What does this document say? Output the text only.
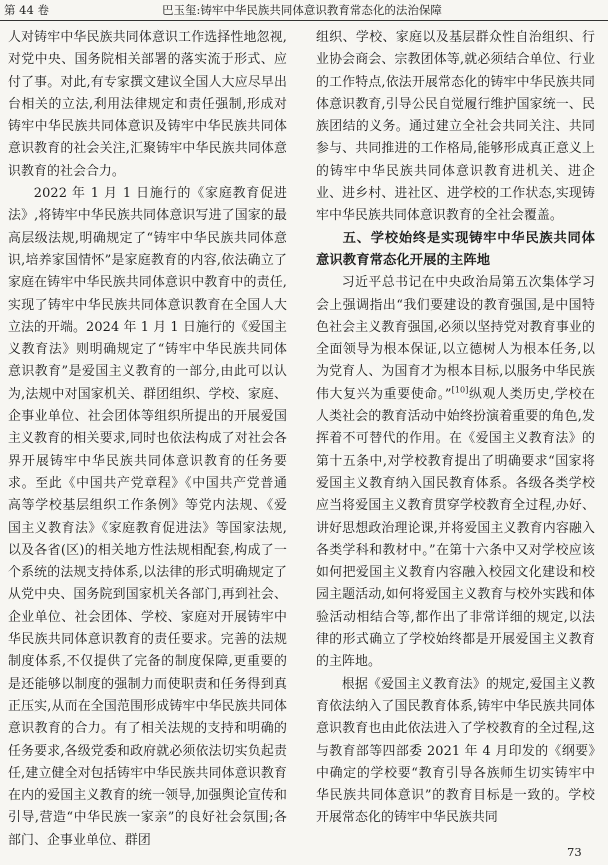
第 44 卷	巴玉玺:铸牢中华民族共同体意识教育常态化的法治保障

人对铸牢中华民族共同体意识工作选择性地忽视,对党中央、国务院相关部署的落实流于形式、应付了事。对此,有专家撰文建议全国人大应尽早出台相关的立法,利用法律规定和责任强制,形成对铸牢中华民族共同体意识及铸牢中华民族共同体意识教育的社会关注,汇聚铸牢中华民族共同体意识教育的社会合力。

2022 年 1 月 1 日施行的《家庭教育促进法》,将铸牢中华民族共同体意识写进了国家的最高层级法规,明确规定了“铸牢中华民族共同体意识,培养家国情怀”是家庭教育的内容,依法确立了家庭在铸牢中华民族共同体意识中教育中的责任,实现了铸牢中华民族共同体意识教育在全国人大立法的开端。2024 年 1 月 1 日施行的《爱国主义教育法》则明确规定了“铸牢中华民族共同体意识教育”是爱国主义教育的一部分,由此可以认为,法规中对国家机关、群团组织、学校、家庭、企事业单位、社会团体等组织所提出的开展爱国主义教育的相关要求,同时也依法构成了对社会各界开展铸牢中华民族共同体意识教育的任务要求。至此《中国共产党章程》《中国共产党普通高等学校基层组织工作条例》等党内法规、《爱国主义教育法》《家庭教育促进法》等国家法规,以及各省(区)的相关地方性法规相配套,构成了一个系统的法规支持体系,以法律的形式明确规定了从党中央、国务院到国家机关各部门,再到社会、企业单位、社会团体、学校、家庭对开展铸牢中华民族共同体意识教育的责任要求。完善的法规制度体系,不仅提供了完备的制度保障,更重要的是还能够以制度的强制力而使职责和任务得到真正压实,从而在全国范围形成铸牢中华民族共同体意识教育的合力。有了相关法规的支持和明确的任务要求,各级党委和政府就必须依法切实负起责任,建立健全对包括铸牢中华民族共同体意识教育在内的爱国主义教育的统一领导,加强舆论宣传和引导,营造“中华民族一家亲”的良好社会氛围;各部门、企事业单位、群团

组织、学校、家庭以及基层群众性自治组织、行业协会商会、宗教团体等,就必须结合单位、行业的工作特点,依法开展常态化的铸牢中华民族共同体意识教育,引导公民自觉履行维护国家统一、民族团结的义务。通过建立全社会共同关注、共同参与、共同推进的工作格局,能够形成真正意义上的铸牢中华民族共同体意识教育进机关、进企业、进乡村、进社区、进学校的工作状态,实现铸牢中华民族共同体意识教育的全社会覆盖。

五、学校始终是实现铸牢中华民族共同体意识教育常态化开展的主阵地

习近平总书记在中央政治局第五次集体学习会上强调指出“我们要建设的教育强国,是中国特色社会主义教育强国,必须以坚持党对教育事业的全面领导为根本保证,以立德树人为根本任务,以为党育人、为国育才为根本目标,以服务中华民族伟大复兴为重要使命。”[10]纵观人类历史,学校在人类社会的教育活动中始终扮演着重要的角色,发挥着不可替代的作用。在《爱国主义教育法》的第十五条中,对学校教育提出了明确要求“国家将爱国主义教育纳入国民教育体系。各级各类学校应当将爱国主义教育贯穿学校教育全过程,办好、讲好思想政治理论课,并将爱国主义教育内容融入各类学科和教材中。”在第十六条中又对学校应该如何把爱国主义教育内容融入校园文化建设和校园主题活动,如何将爱国主义教育与校外实践和体验活动相结合等,都作出了非常详细的规定,以法律的形式确立了学校始终都是开展爱国主义教育的主阵地。

根据《爱国主义教育法》的规定,爱国主义教育依法纳入了国民教育体系,铸牢中华民族共同体意识教育也由此依法进入了学校教育的全过程,这与教育部等四部委 2021 年 4 月印发的《纲要》中确定的学校要“教育引导各族师生切实铸牢中华民族共同体意识”的教育目标是一致的。学校开展常态化的铸牢中华民族共同

73
